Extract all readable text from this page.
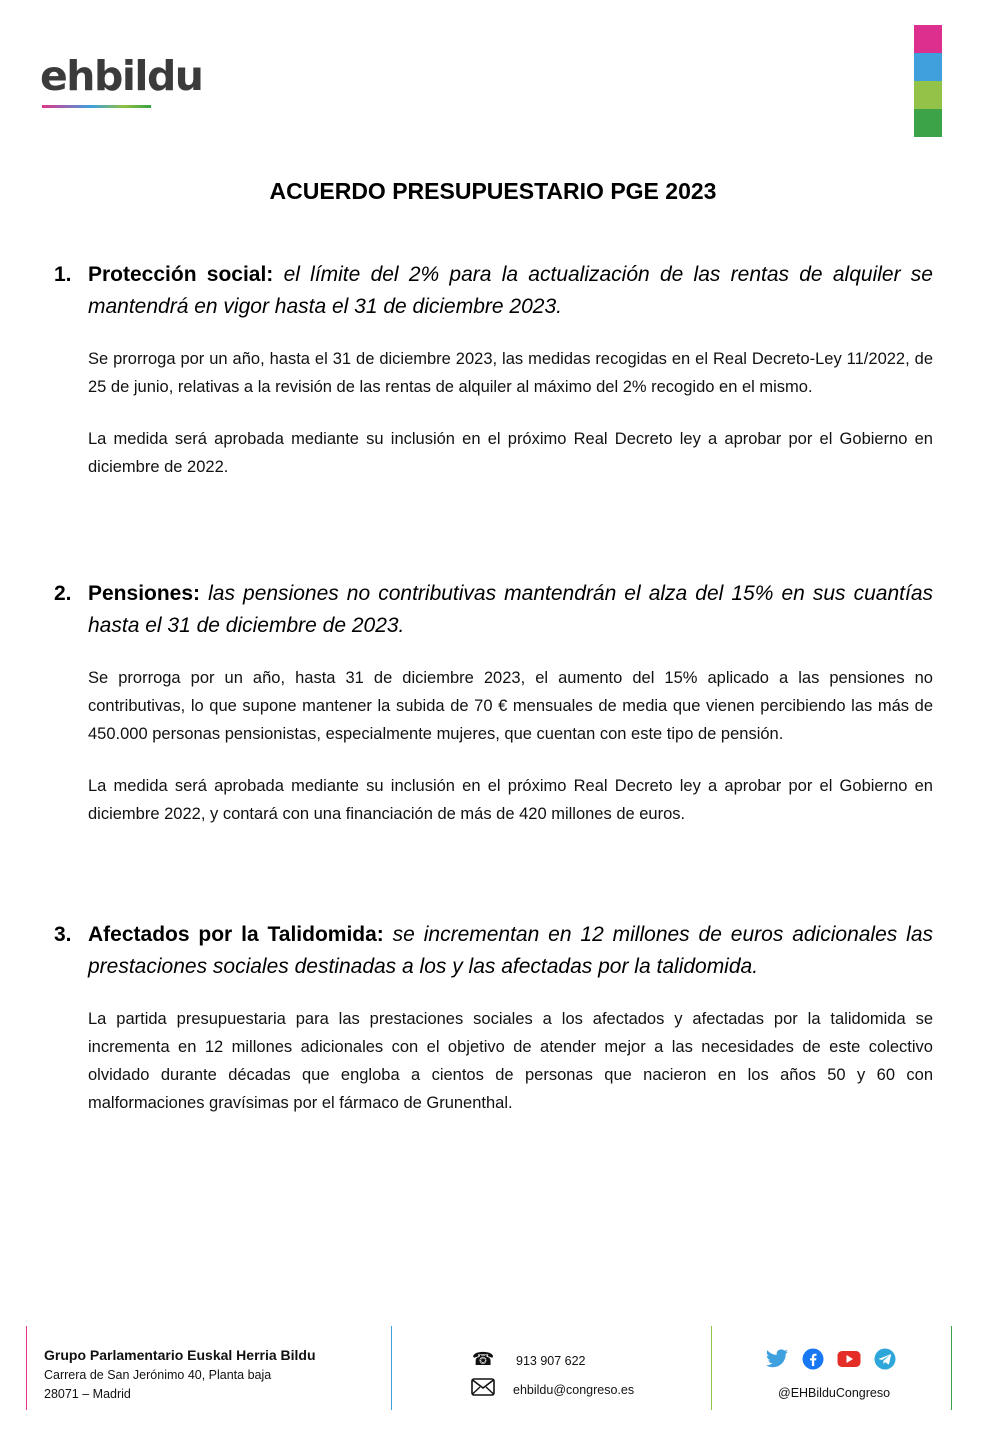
ehbildu
ACUERDO PRESUPUESTARIO PGE 2023
1. Protección social: el límite del 2% para la actualización de las rentas de alquiler se mantendrá en vigor hasta el 31 de diciembre 2023.

Se prorroga por un año, hasta el 31 de diciembre 2023, las medidas recogidas en el Real Decreto-Ley 11/2022, de 25 de junio, relativas a la revisión de las rentas de alquiler al máximo del 2% recogido en el mismo.

La medida será aprobada mediante su inclusión en el próximo Real Decreto ley a aprobar por el Gobierno en diciembre de 2022.

2. Pensiones: las pensiones no contributivas mantendrán el alza del 15% en sus cuantías hasta el 31 de diciembre de 2023.

Se prorroga por un año, hasta 31 de diciembre 2023, el aumento del 15% aplicado a las pensiones no contributivas, lo que supone mantener la subida de 70 € mensuales de media que vienen percibiendo las más de 450.000 personas pensionistas, especialmente mujeres, que cuentan con este tipo de pensión.

La medida será aprobada mediante su inclusión en el próximo Real Decreto ley a aprobar por el Gobierno en diciembre 2022, y contará con una financiación de más de 420 millones de euros.

3. Afectados por la Talidomida: se incrementan en 12 millones de euros adicionales las prestaciones sociales destinadas a los y las afectadas por la talidomida.

La partida presupuestaria para las prestaciones sociales a los afectados y afectadas por la talidomida se incrementa en 12 millones adicionales con el objetivo de atender mejor a las necesidades de este colectivo olvidado durante décadas que engloba a cientos de personas que nacieron en los años 50 y 60 con malformaciones gravísimas por el fármaco de Grunenthal.

Grupo Parlamentario Euskal Herria Bildu
Carrera de San Jerónimo 40, Planta baja
28071 – Madrid
☎ 913 907 622
ehbildu@congreso.es	@EHBilduCongreso
